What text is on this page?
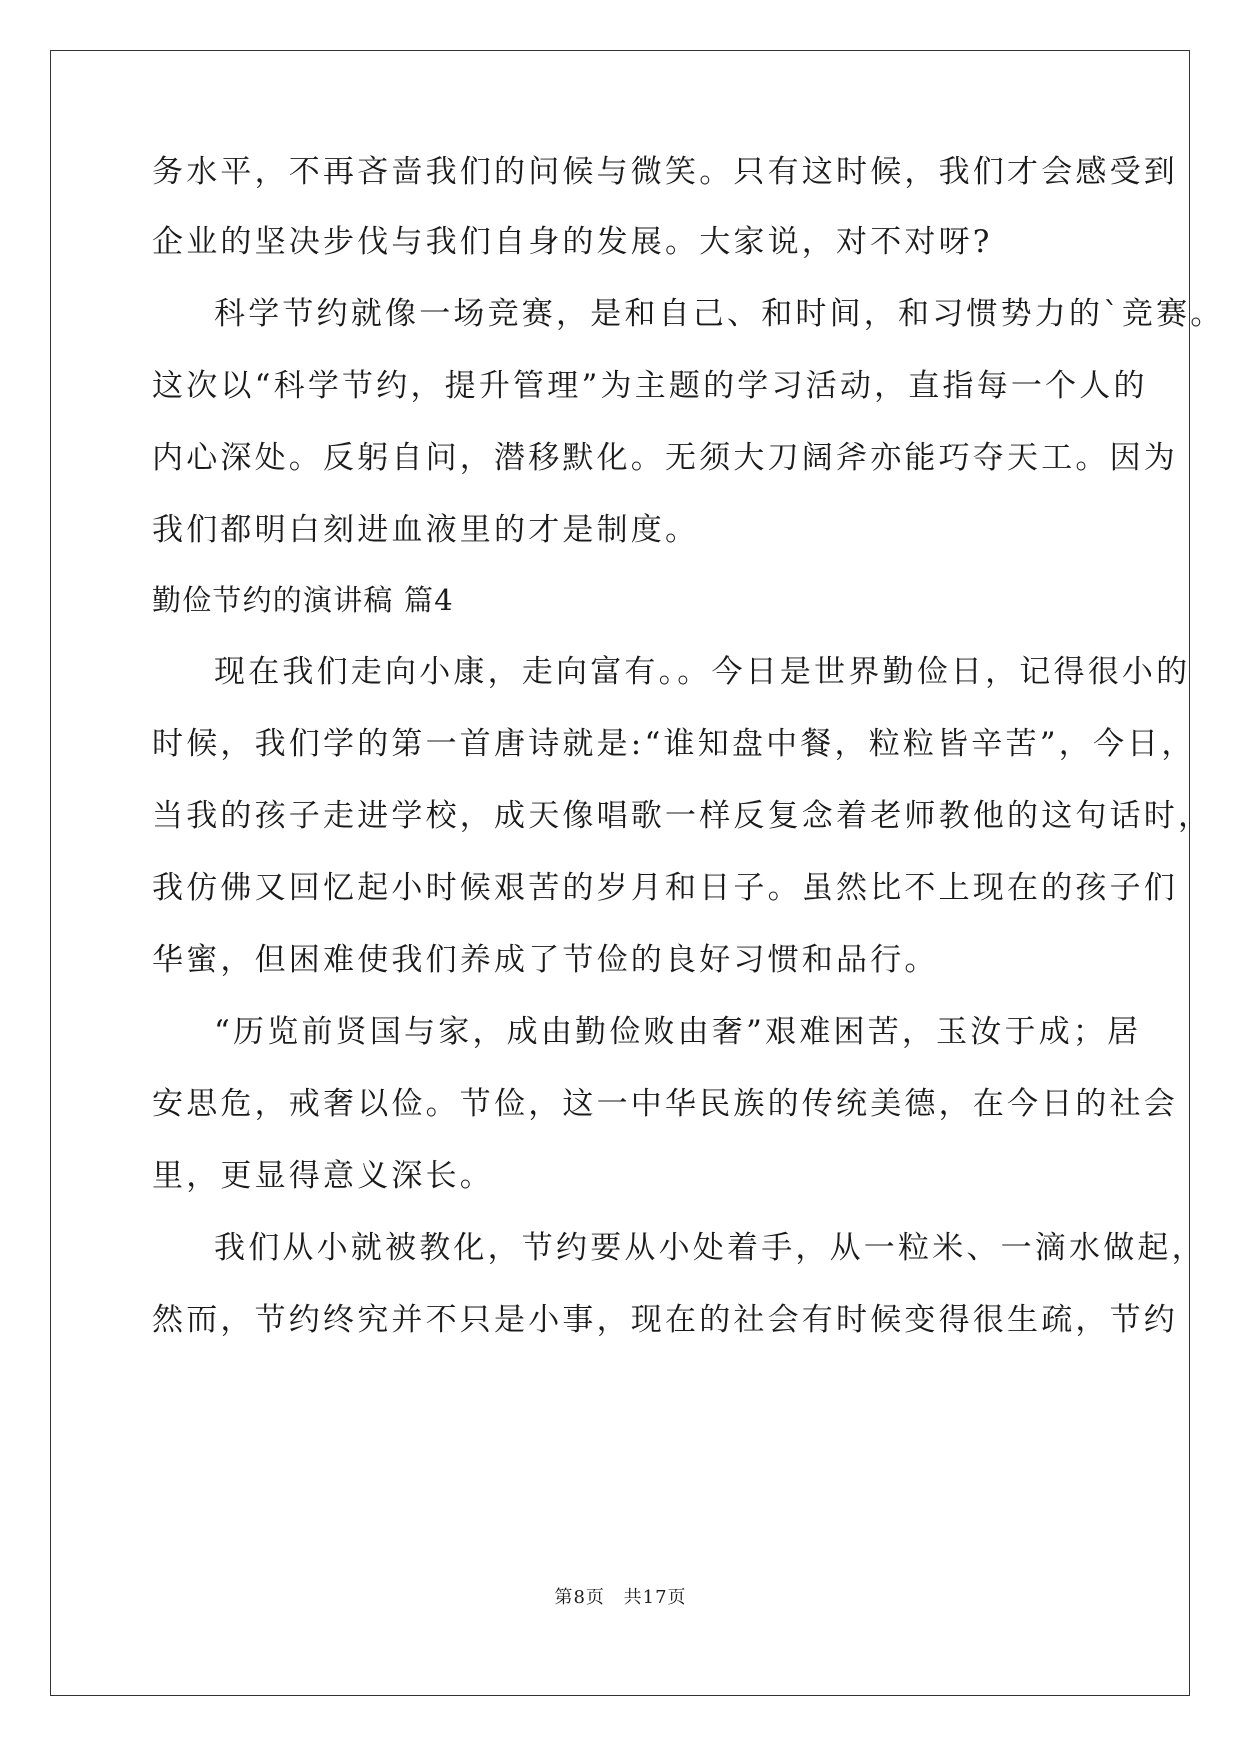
务水平，不再吝啬我们的问候与微笑。只有这时候，我们才会感受到
企业的坚决步伐与我们自身的发展。大家说，对不对呀?
科学节约就像一场竞赛，是和自己、和时间，和习惯势力的`竞赛。
这次以“科学节约，提升管理”为主题的学习活动，直指每一个人的
内心深处。反躬自问，潜移默化。无须大刀阔斧亦能巧夺天工。因为
我们都明白刻进血液里的才是制度。
勤俭节约的演讲稿 篇4
现在我们走向小康，走向富有。。今日是世界勤俭日，记得很小的
时候，我们学的第一首唐诗就是:“谁知盘中餐，粒粒皆辛苦”，今日，
当我的孩子走进学校，成天像唱歌一样反复念着老师教他的这句话时，
我仿佛又回忆起小时候艰苦的岁月和日子。虽然比不上现在的孩子们
华蜜，但困难使我们养成了节俭的良好习惯和品行。
“历览前贤国与家，成由勤俭败由奢”艰难困苦，玉汝于成；居
安思危，戒奢以俭。节俭，这一中华民族的传统美德，在今日的社会
里，更显得意义深长。
我们从小就被教化，节约要从小处着手，从一粒米、一滴水做起，
然而，节约终究并不只是小事，现在的社会有时候变得很生疏，节约
第8页 共17页
